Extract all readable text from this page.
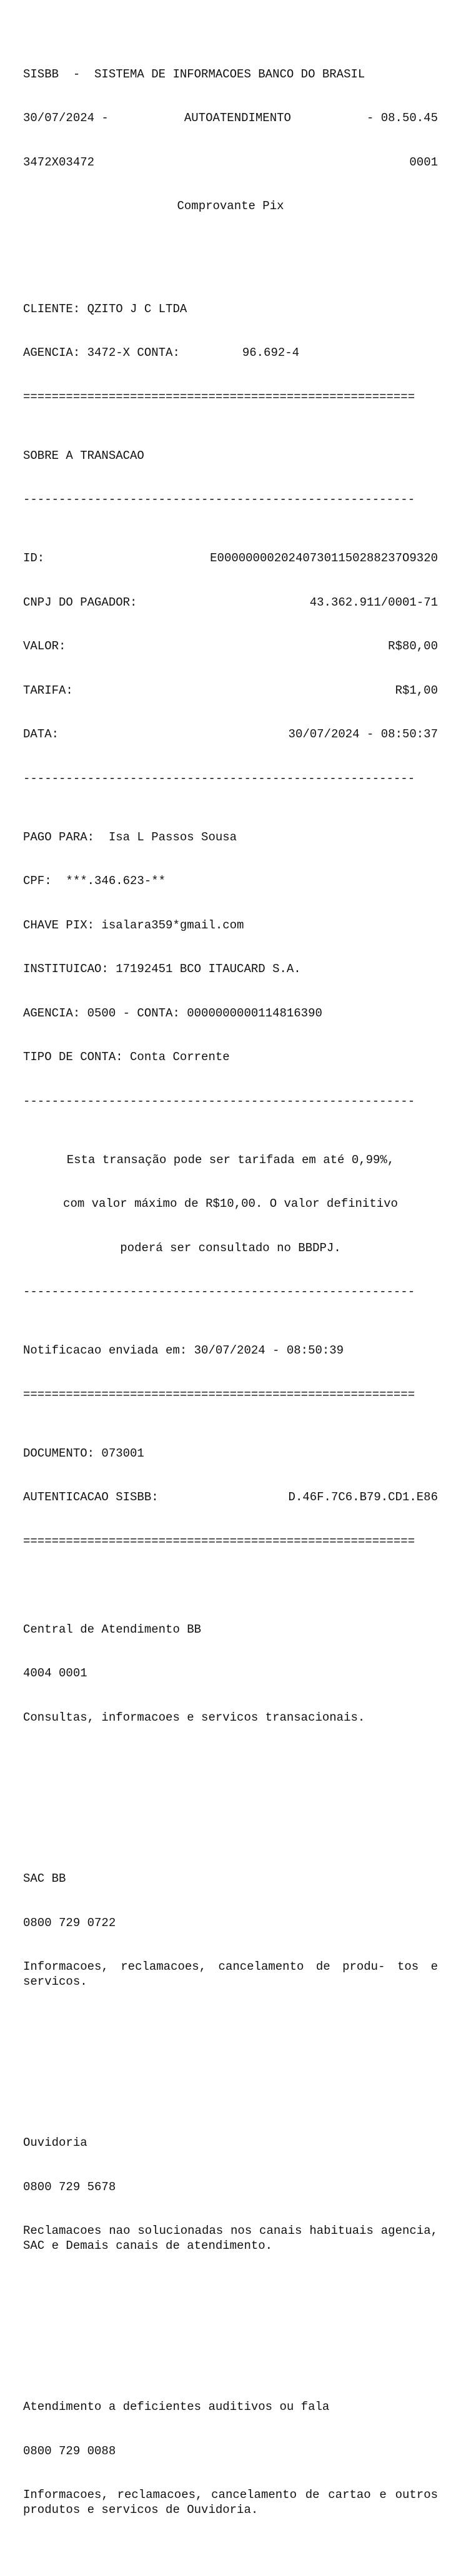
SISBB  -  SISTEMA DE INFORMACOES BANCO DO BRASIL

30/07/2024 -	AUTOATENDIMENTO	- 08.50.45

3472X03472	0001

Comprovante Pix

CLIENTE: QZITO J C LTDA

AGENCIA: 3472-X CONTA:	96.692-4

=======================================================

SOBRE A TRANSACAO

-------------------------------------------------------

ID:	E00000000202407301150288237O9320

CNPJ DO PAGADOR:	43.362.911/0001-71

VALOR:	R$80,00

TARIFA:	R$1,00

DATA:	30/07/2024 - 08:50:37

-------------------------------------------------------

PAGO PARA:  Isa L Passos Sousa

CPF:  ***.346.623-**

CHAVE PIX: isalara359*gmail.com

INSTITUICAO: 17192451 BCO ITAUCARD S.A.

AGENCIA: 0500 - CONTA: 0000000000114816390

TIPO DE CONTA: Conta Corrente

-------------------------------------------------------

Esta transação pode ser tarifada em até 0,99%,

com valor máximo de R$10,00. O valor definitivo

poderá ser consultado no BBDPJ.

-------------------------------------------------------

Notificacao enviada em: 30/07/2024 - 08:50:39

=======================================================

DOCUMENTO: 073001

AUTENTICACAO SISBB:	D.46F.7C6.B79.CD1.E86

=======================================================

Central de Atendimento BB

4004 0001

Consultas, informacoes e servicos transacionais.

SAC BB

0800 729 0722

Informacoes, reclamacoes, cancelamento de produ- tos e servicos.

Ouvidoria

0800 729 5678

Reclamacoes nao solucionadas nos canais habituais agencia, SAC e Demais canais de atendimento.

Atendimento a deficientes auditivos ou fala

0800 729 0088

Informacoes, reclamacoes, cancelamento de cartao e outros produtos e servicos de Ouvidoria.
